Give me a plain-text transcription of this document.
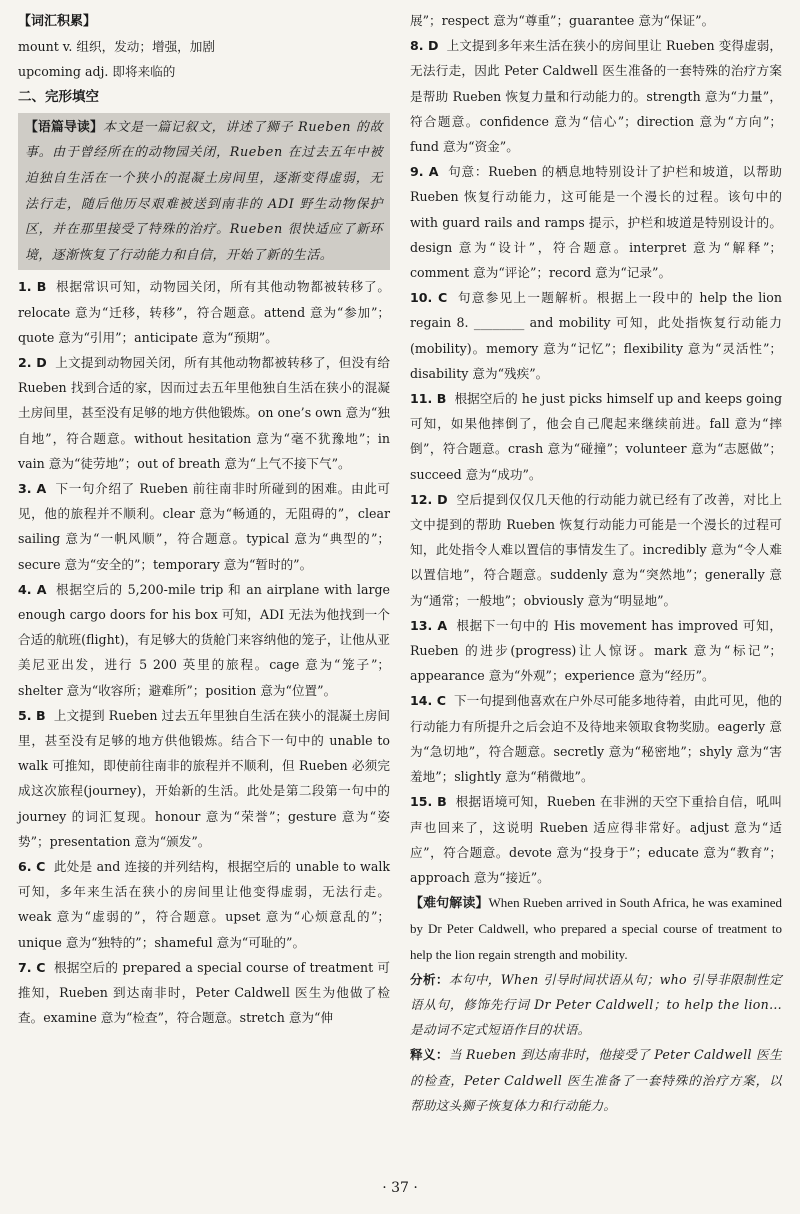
【词汇积累】

mount v. 组织，发动；增强，加剧

upcoming adj. 即将来临的

二、完形填空

【语篇导读】本文是一篇记叙文，讲述了狮子 Rueben 的故事。由于曾经所在的动物园关闭，Rueben 在过去五年中被迫独自生活在一个狭小的混凝土房间里，逐渐变得虚弱，无法行走，随后他历尽艰难被送到南非的 ADI 野生动物保护区，并在那里接受了特殊的治疗。Rueben 很快适应了新环境，逐渐恢复了行动能力和自信，开始了新的生活。

1. B 根据常识可知，动物园关闭，所有其他动物都被转移了。relocate 意为“迁移，转移”，符合题意。attend 意为“参加”；quote 意为“引用”；anticipate 意为“预期”。

2. D 上文提到动物园关闭，所有其他动物都被转移了，但没有给 Rueben 找到合适的家，因而过去五年里他独自生活在狭小的混凝土房间里，甚至没有足够的地方供他锻炼。on one’s own 意为“独自地”，符合题意。without hesitation 意为“毫不犹豫地”；in vain 意为“徒劳地”；out of breath 意为“上气不接下气”。

3. A 下一句介绍了 Rueben 前往南非时所碰到的困难。由此可见，他的旅程并不顺利。clear 意为“畅通的，无阻碍的”，clear sailing 意为“一帆风顺”，符合题意。typical 意为“典型的”；secure 意为“安全的”；temporary 意为“暂时的”。

4. A 根据空后的 5,200-mile trip 和 an airplane with large enough cargo doors for his box 可知，ADI 无法为他找到一个合适的航班(flight)，有足够大的货舱门来容纳他的笼子，让他从亚美尼亚出发，进行 5 200 英里的旅程。cage 意为“笼子”；shelter 意为“收容所；避难所”；position 意为“位置”。

5. B 上文提到 Rueben 过去五年里独自生活在狭小的混凝土房间里，甚至没有足够的地方供他锻炼。结合下一句中的 unable to walk 可推知，即使前往南非的旅程并不顺利，但 Rueben 必须完成这次旅程(journey)，开始新的生活。此处是第二段第一句中的 journey 的词汇复现。honour 意为“荣誉”；gesture 意为“姿势”；presentation 意为“颁发”。

6. C 此处是 and 连接的并列结构，根据空后的 unable to walk 可知，多年来生活在狭小的房间里让他变得虚弱，无法行走。weak 意为“虚弱的”，符合题意。upset 意为“心烦意乱的”；unique 意为“独特的”；shameful 意为“可耻的”。

7. C 根据空后的 prepared a special course of treatment 可推知，Rueben 到达南非时，Peter Caldwell 医生为他做了检查。examine 意为“检查”，符合题意。stretch 意为“伸

展”；respect 意为“尊重”；guarantee 意为“保证”。

8. D 上文提到多年来生活在狭小的房间里让 Rueben 变得虚弱，无法行走，因此 Peter Caldwell 医生准备的一套特殊的治疗方案是帮助 Rueben 恢复力量和行动能力的。strength 意为“力量”，符合题意。confidence 意为“信心”；direction 意为“方向”；fund 意为“资金”。

9. A 句意：Rueben 的栖息地特别设计了护栏和坡道，以帮助 Rueben 恢复行动能力，这可能是一个漫长的过程。该句中的 with guard rails and ramps 提示，护栏和坡道是特别设计的。design 意为“设计”，符合题意。interpret 意为“解释”；comment 意为“评论”；record 意为“记录”。

10. C 句意参见上一题解析。根据上一段中的 help the lion regain 8. ________ and mobility 可知，此处指恢复行动能力(mobility)。memory 意为“记忆”；flexibility 意为“灵活性”；disability 意为“残疾”。

11. B 根据空后的 he just picks himself up and keeps going 可知，如果他摔倒了，他会自己爬起来继续前进。fall 意为“摔倒”，符合题意。crash 意为“碰撞”；volunteer 意为“志愿做”；succeed 意为“成功”。

12. D 空后提到仅仅几天他的行动能力就已经有了改善，对比上文中提到的帮助 Rueben 恢复行动能力可能是一个漫长的过程可知，此处指令人难以置信的事情发生了。incredibly 意为“令人难以置信地”，符合题意。suddenly 意为“突然地”；generally 意为“通常；一般地”；obviously 意为“明显地”。

13. A 根据下一句中的 His movement has improved 可知，Rueben 的进步(progress)让人惊讶。mark 意为“标记”；appearance 意为“外观”；experience 意为“经历”。

14. C 下一句提到他喜欢在户外尽可能多地待着，由此可见，他的行动能力有所提升之后会迫不及待地来领取食物奖励。eagerly 意为“急切地”，符合题意。secretly 意为“秘密地”；shyly 意为“害羞地”；slightly 意为“稍微地”。

15. B 根据语境可知，Rueben 在非洲的天空下重拾自信，吼叫声也回来了，这说明 Rueben 适应得非常好。adjust 意为“适应”，符合题意。devote 意为“投身于”；educate 意为“教育”；approach 意为“接近”。

【难句解读】When Rueben arrived in South Africa, he was examined by Dr Peter Caldwell, who prepared a special course of treatment to help the lion regain strength and mobility.

分析：本句中，When 引导时间状语从句；who 引导非限制性定语从句，修饰先行词 Dr Peter Caldwell；to help the lion... 是动词不定式短语作目的状语。

释义：当 Rueben 到达南非时，他接受了 Peter Caldwell 医生的检查，Peter Caldwell 医生准备了一套特殊的治疗方案，以帮助这头狮子恢复体力和行动能力。

· 37 ·
